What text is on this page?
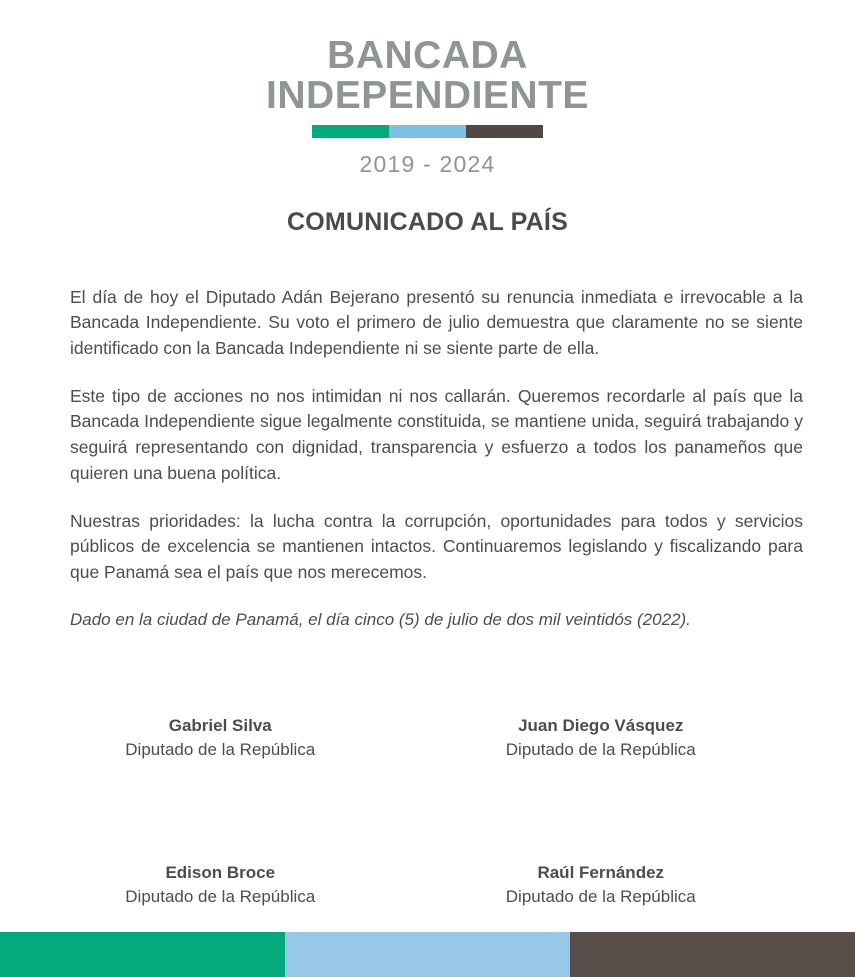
BANCADA
INDEPENDIENTE
2019 - 2024
COMUNICADO AL PAÍS

El día de hoy el Diputado Adán Bejerano presentó su renuncia inmediata e irrevocable a la Bancada Independiente. Su voto el primero de julio demuestra que claramente no se siente identificado con la Bancada Independiente ni se siente parte de ella.

Este tipo de acciones no nos intimidan ni nos callarán. Queremos recordarle al país que la Bancada Independiente sigue legalmente constituida, se mantiene unida, seguirá trabajando y seguirá representando con dignidad, transparencia y esfuerzo a todos los panameños que quieren una buena política.

Nuestras prioridades: la lucha contra la corrupción, oportunidades para todos y servicios públicos de excelencia se mantienen intactos. Continuaremos legislando y fiscalizando para que Panamá sea el país que nos merecemos.

Dado en la ciudad de Panamá, el día cinco (5) de julio de dos mil veintidós (2022).

Gabriel Silva
Diputado de la República
Juan Diego Vásquez
Diputado de la República
Edison Broce
Diputado de la República
Raúl Fernández
Diputado de la República
